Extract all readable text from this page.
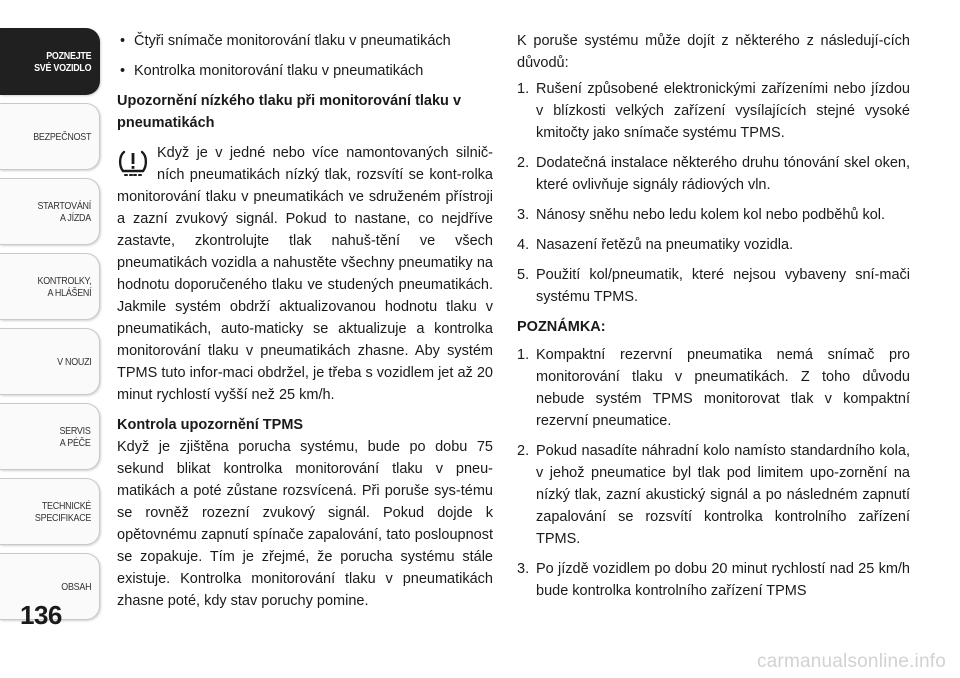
POZNEJTE
SVÉ VOZIDLO
BEZPEČNOST
STARTOVÁNÍ
A JÍZDA
KONTROLKY,
A HLÁŠENÍ
V NOUZI
SERVIS
A PÉČE
TECHNICKÉ
SPECIFIKACE
OBSAH
136
• Čtyři snímače monitorování tlaku v pneumatikách
• Kontrolka monitorování tlaku v pneumatikách
Upozornění nízkého tlaku při monitorování tlaku v pneumatikách

Když je v jedné nebo více namontovaných silnič-ních pneumatikách nízký tlak, rozsvítí se kont-rolka monitorování tlaku v pneumatikách ve sdruženém přístroji a zazní zvukový signál. Pokud to nastane, co nejdříve zastavte, zkontrolujte tlak nahuš-tění ve všech pneumatikách vozidla a nahustěte všechny pneumatiky na hodnotu doporučeného tlaku ve studených pneumatikách. Jakmile systém obdrží aktualizovanou hodnotu tlaku v pneumatikách, auto-maticky se aktualizuje a kontrolka monitorování tlaku v pneumatikách zhasne. Aby systém TPMS tuto infor-maci obdržel, je třeba s vozidlem jet až 20 minut rychlostí vyšší než 25 km/h.

Kontrola upozornění TPMS

Když je zjištěna porucha systému, bude po dobu 75 sekund blikat kontrolka monitorování tlaku v pneu-matikách a poté zůstane rozsvícená. Při poruše sys-tému se rovněž rozezní zvukový signál. Pokud dojde k opětovnému zapnutí spínače zapalování, tato posloupnost se zopakuje. Tím je zřejmé, že porucha systému stále existuje. Kontrolka monitorování tlaku v pneumatikách zhasne poté, kdy stav poruchy pomine.

K poruše systému může dojít z některého z následují-cích důvodů:

1. Rušení způsobené elektronickými zařízeními nebo jízdou v blízkosti velkých zařízení vysílajících stejné vysoké kmitočty jako snímače systému TPMS.
2. Dodatečná instalace některého druhu tónování skel oken, které ovlivňuje signály rádiových vln.
3. Nánosy sněhu nebo ledu kolem kol nebo podběhů kol.
4. Nasazení řetězů na pneumatiky vozidla.
5. Použití kol/pneumatik, které nejsou vybaveny sní-mači systému TPMS.
POZNÁMKA:
1. Kompaktní rezervní pneumatika nemá snímač pro monitorování tlaku v pneumatikách. Z toho důvodu nebude systém TPMS monitorovat tlak v kompaktní rezervní pneumatice.
2. Pokud nasadíte náhradní kolo namísto standardního kola, v jehož pneumatice byl tlak pod limitem upo-zornění na nízký tlak, zazní akustický signál a po následném zapnutí zapalování se rozsvítí kontrolka kontrolního zařízení TPMS.
3. Po jízdě vozidlem po dobu 20 minut rychlostí nad 25 km/h bude kontrolka kontrolního zařízení TPMS
carmanualsonline.info
